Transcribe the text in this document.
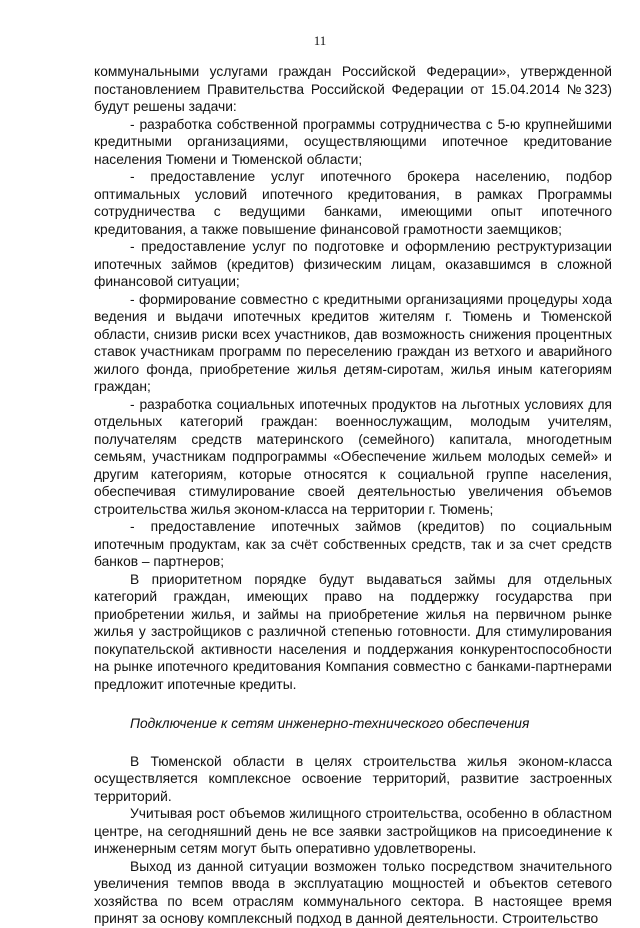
11

коммунальными услугами граждан Российской Федерации», утвержденной постановлением Правительства Российской Федерации от 15.04.2014 №323) будут решены задачи:

- разработка собственной программы сотрудничества с 5-ю крупнейшими кредитными организациями, осуществляющими ипотечное кредитование населения Тюмени и Тюменской области;

- предоставление услуг ипотечного брокера населению, подбор оптимальных условий ипотечного кредитования, в рамках Программы сотрудничества с ведущими банками, имеющими опыт ипотечного кредитования, а также повышение финансовой грамотности заемщиков;

- предоставление услуг по подготовке и оформлению реструктуризации ипотечных займов (кредитов) физическим лицам, оказавшимся в сложной финансовой ситуации;

- формирование совместно с кредитными организациями процедуры хода ведения и выдачи ипотечных кредитов жителям г. Тюмень и Тюменской области, снизив риски всех участников, дав возможность снижения процентных ставок участникам программ по переселению граждан из ветхого и аварийного жилого фонда, приобретение жилья детям-сиротам, жилья иным категориям граждан;

- разработка социальных ипотечных продуктов на льготных условиях для отдельных категорий граждан: военнослужащим, молодым учителям, получателям средств материнского (семейного) капитала, многодетным семьям, участникам подпрограммы «Обеспечение жильем молодых семей» и другим категориям, которые относятся к социальной группе населения, обеспечивая стимулирование своей деятельностью увеличения объемов строительства жилья эконом-класса на территории г. Тюмень;

- предоставление ипотечных займов (кредитов) по социальным ипотечным продуктам, как за счёт собственных средств, так и за счет средств банков – партнеров;

В приоритетном порядке будут выдаваться займы для отдельных категорий граждан, имеющих право на поддержку государства при приобретении жилья, и займы на приобретение жилья на первичном рынке жилья у застройщиков с различной степенью готовности. Для стимулирования покупательской активности населения и поддержания конкурентоспособности на рынке ипотечного кредитования Компания совместно с банками-партнерами предложит ипотечные кредиты.

Подключение к сетям инженерно-технического обеспечения

В Тюменской области в целях строительства жилья эконом-класса осуществляется комплексное освоение территорий, развитие застроенных территорий.

Учитывая рост объемов жилищного строительства, особенно в областном центре, на сегодняшний день не все заявки застройщиков на присоединение к инженерным сетям могут быть оперативно удовлетворены.

Выход из данной ситуации возможен только посредством значительного увеличения темпов ввода в эксплуатацию мощностей и объектов сетевого хозяйства по всем отраслям коммунального сектора. В настоящее время принят за основу комплексный подход в данной деятельности. Строительство
